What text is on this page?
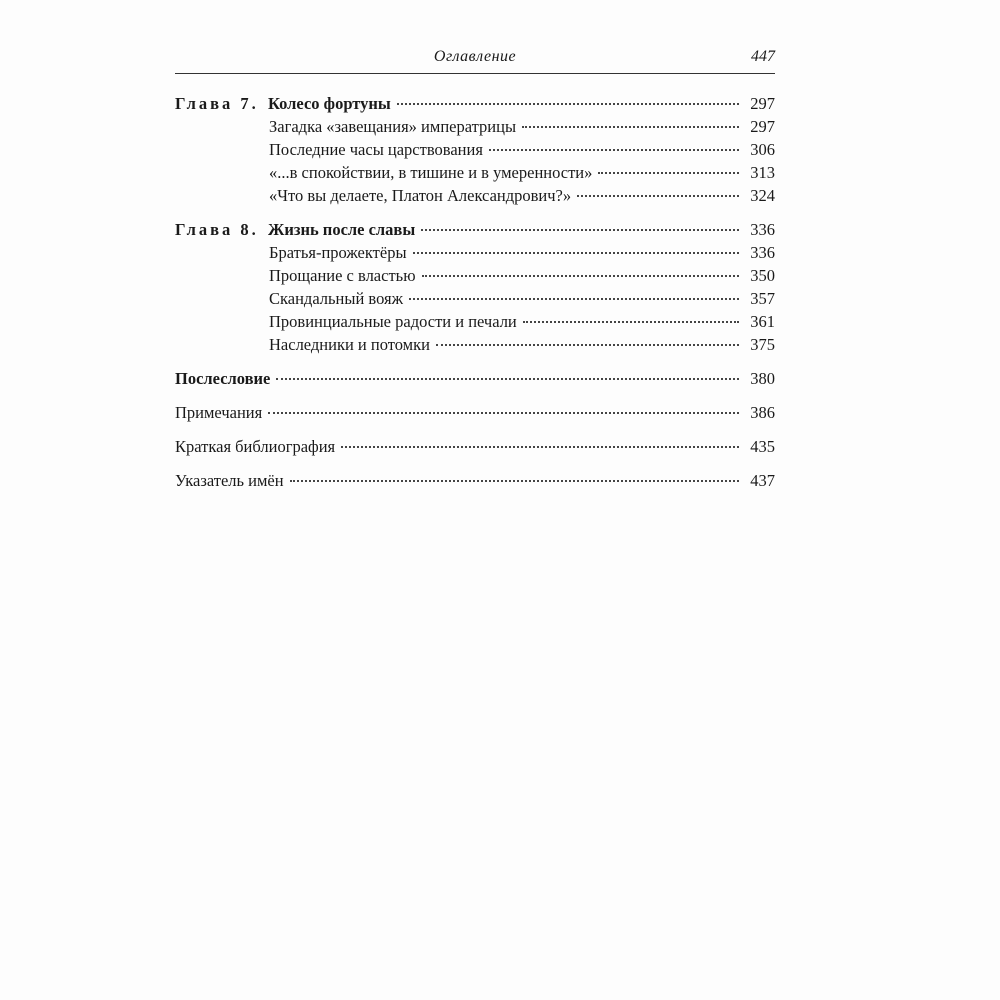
Оглавление	447
Глава 7. Колесо фортуны	297
Загадка «завещания» императрицы	297
Последние часы царствования	306
«...в спокойствии, в тишине и в умеренности»	313
«Что вы делаете, Платон Александрович?»	324
Глава 8. Жизнь после славы	336
Братья-прожектёры	336
Прощание с властью	350
Скандальный вояж	357
Провинциальные радости и печали	361
Наследники и потомки	375
Послесловие	380
Примечания	386
Краткая библиография	435
Указатель имён	437
